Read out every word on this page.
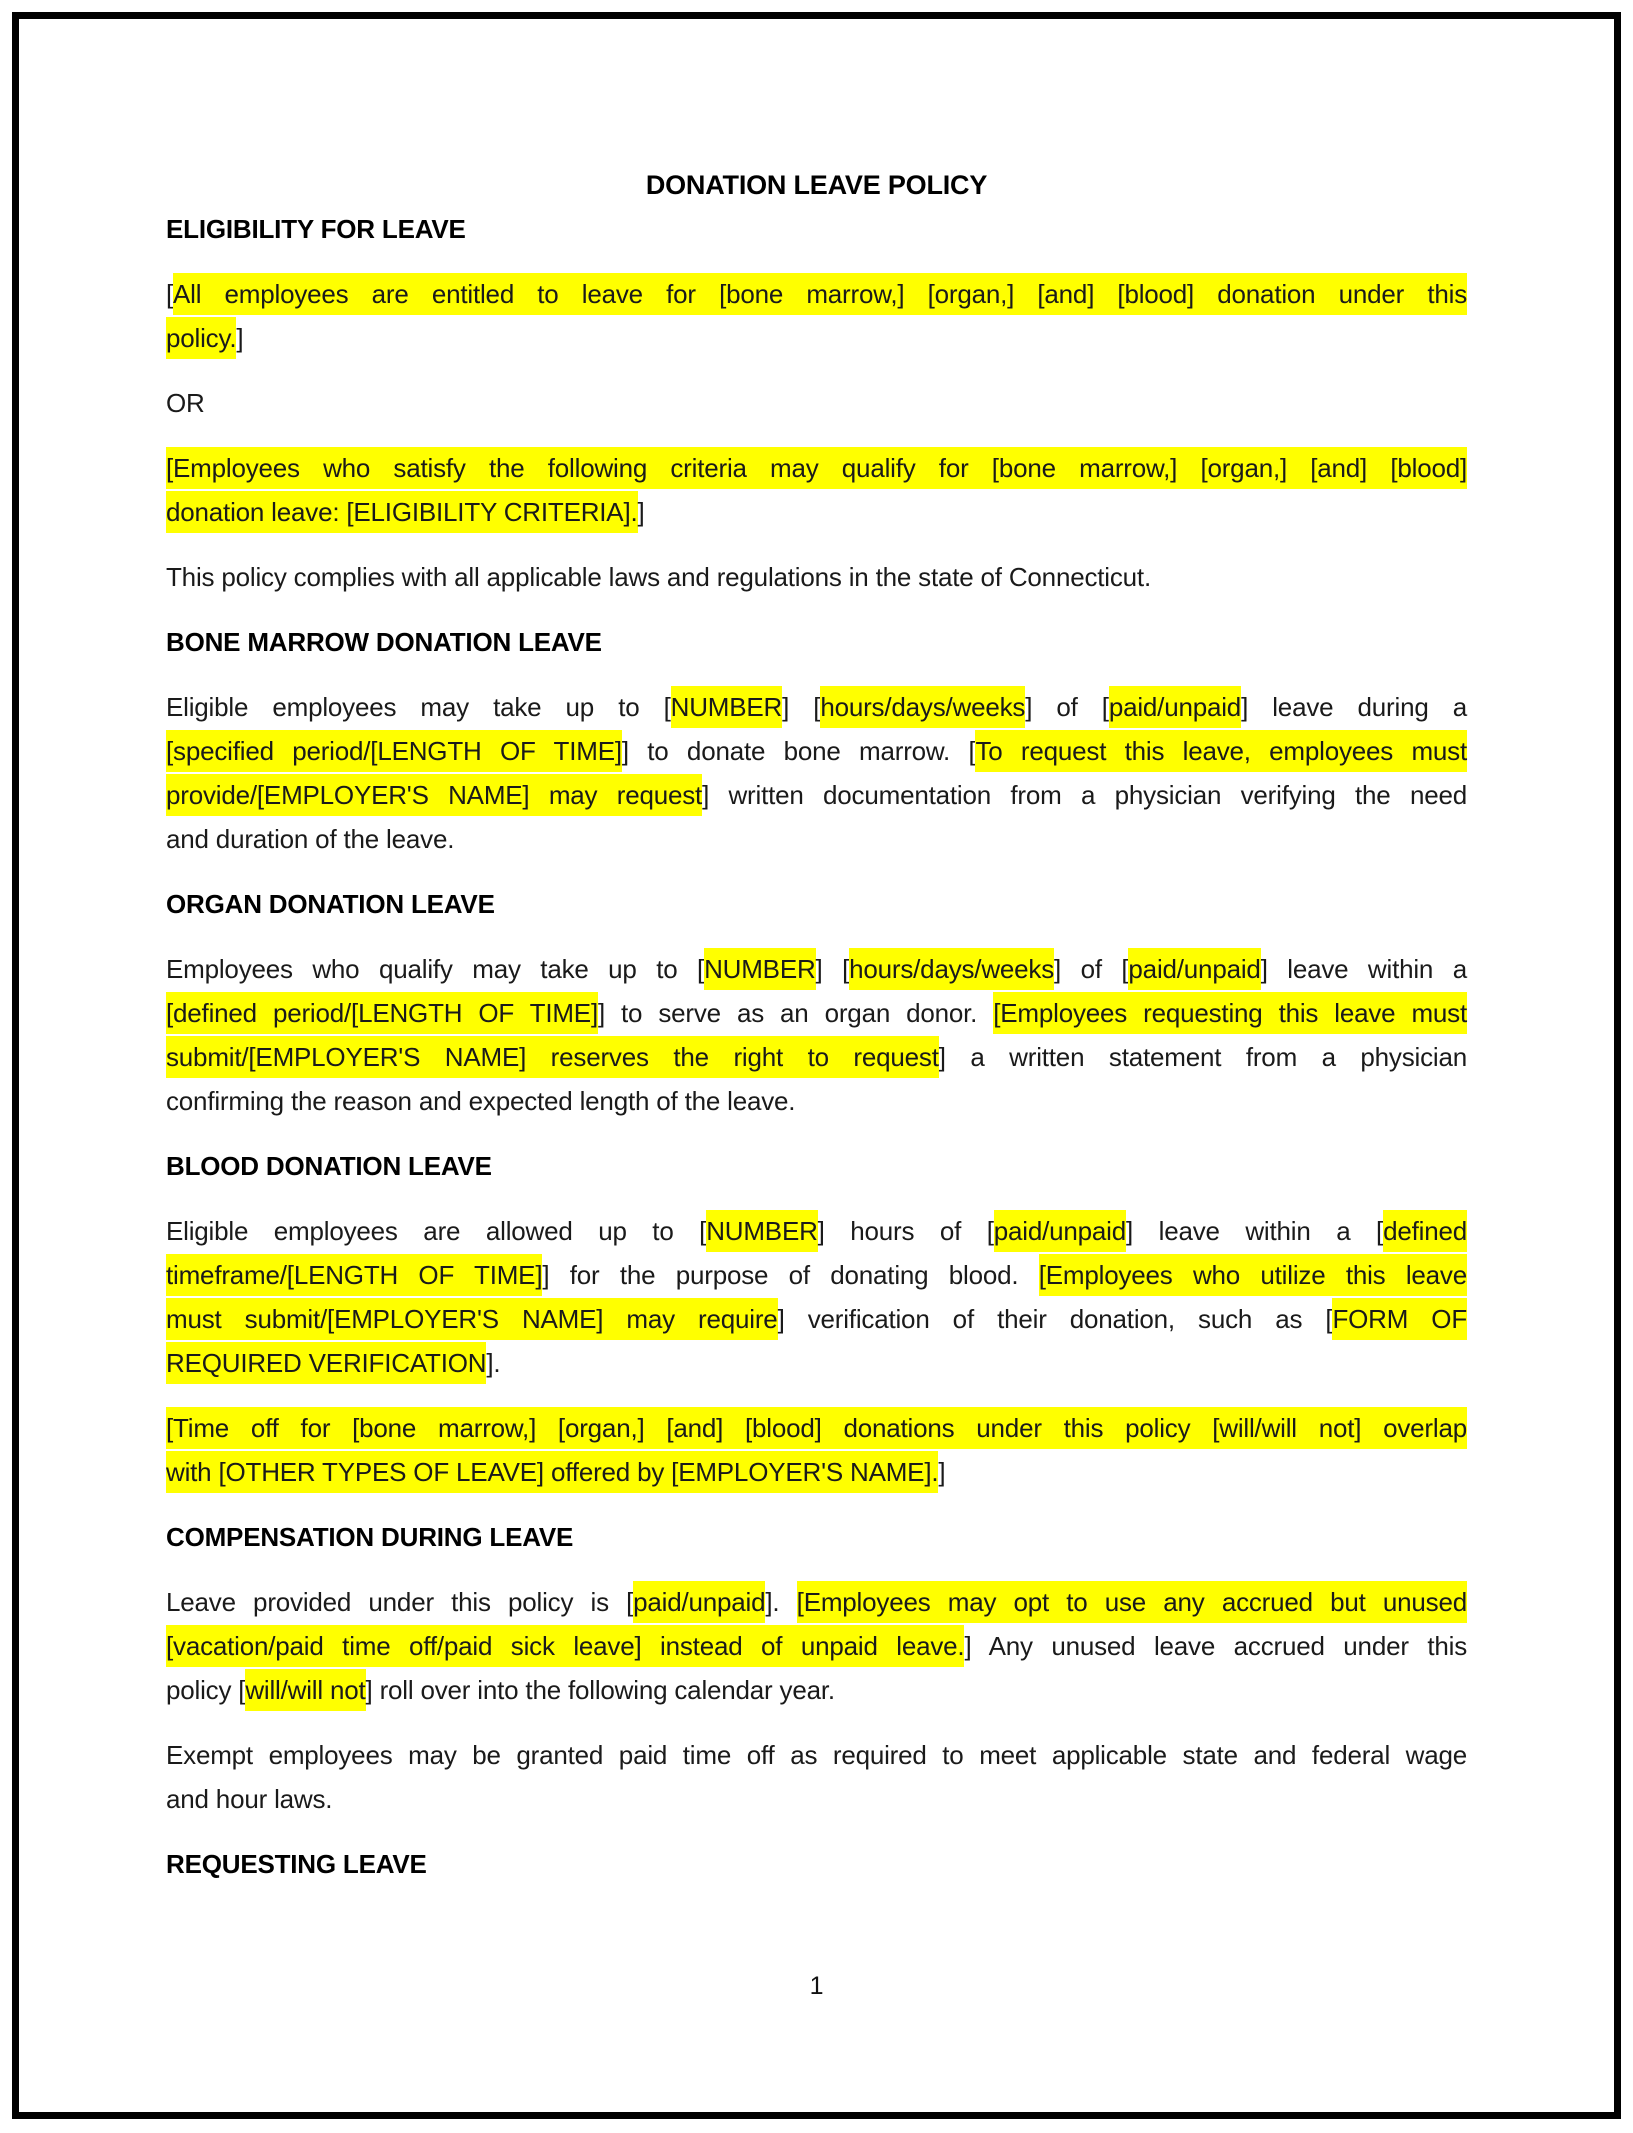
DONATION LEAVE POLICY
ELIGIBILITY FOR LEAVE
[All employees are entitled to leave for [bone marrow,] [organ,] [and] [blood] donation under this
policy.]
OR
[Employees who satisfy the following criteria may qualify for [bone marrow,] [organ,] [and] [blood]
donation leave: [ELIGIBILITY CRITERIA].]
This policy complies with all applicable laws and regulations in the state of Connecticut.
BONE MARROW DONATION LEAVE
Eligible employees may take up to [NUMBER] [hours/days/weeks] of [paid/unpaid] leave during a
[specified period/[LENGTH OF TIME]] to donate bone marrow. [To request this leave, employees must
provide/[EMPLOYER'S NAME] may request] written documentation from a physician verifying the need
and duration of the leave.
ORGAN DONATION LEAVE
Employees who qualify may take up to [NUMBER] [hours/days/weeks] of [paid/unpaid] leave within a
[defined period/[LENGTH OF TIME]] to serve as an organ donor. [Employees requesting this leave must
submit/[EMPLOYER'S NAME] reserves the right to request] a written statement from a physician
confirming the reason and expected length of the leave.
BLOOD DONATION LEAVE
Eligible employees are allowed up to [NUMBER] hours of [paid/unpaid] leave within a [defined
timeframe/[LENGTH OF TIME]] for the purpose of donating blood. [Employees who utilize this leave
must submit/[EMPLOYER'S NAME] may require] verification of their donation, such as [FORM OF
REQUIRED VERIFICATION].
[Time off for [bone marrow,] [organ,] [and] [blood] donations under this policy [will/will not] overlap
with [OTHER TYPES OF LEAVE] offered by [EMPLOYER'S NAME].]
COMPENSATION DURING LEAVE
Leave provided under this policy is [paid/unpaid]. [Employees may opt to use any accrued but unused
[vacation/paid time off/paid sick leave] instead of unpaid leave.] Any unused leave accrued under this
policy [will/will not] roll over into the following calendar year.
Exempt employees may be granted paid time off as required to meet applicable state and federal wage
and hour laws.
REQUESTING LEAVE
1
